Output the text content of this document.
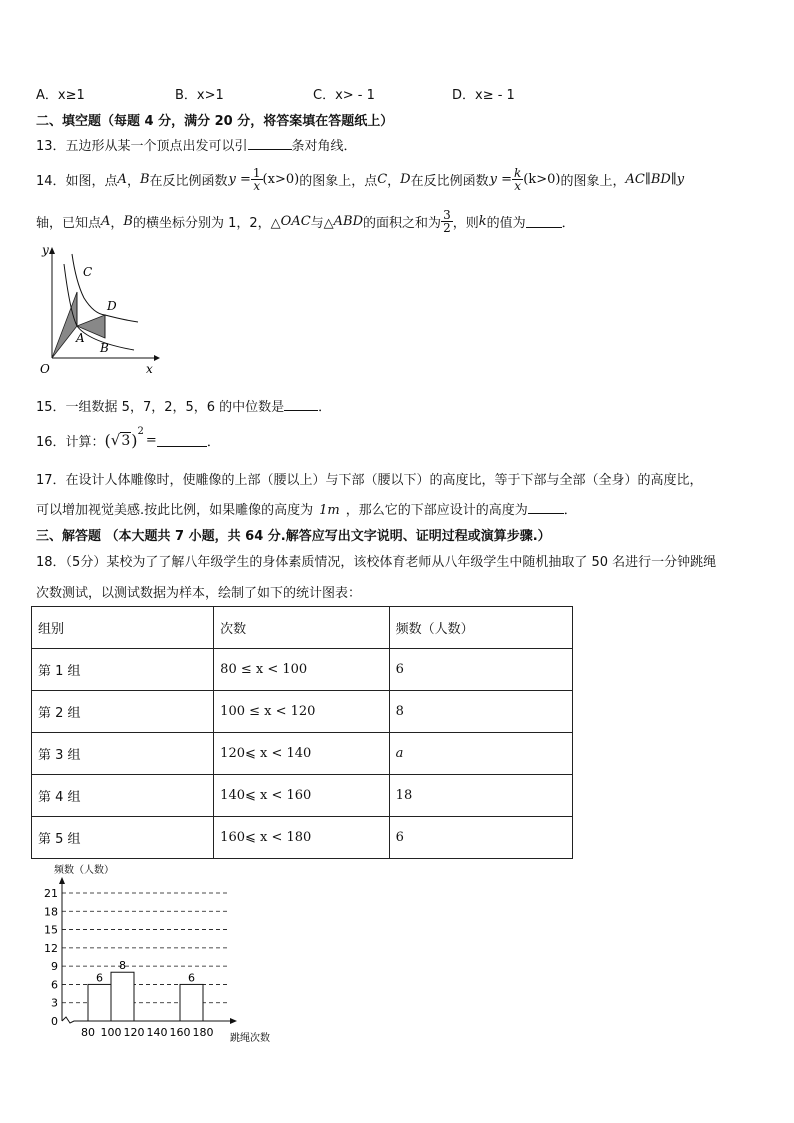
A．x≥1	B．x>1	C．x> - 1	D．x≥ - 1
二、填空题（每题 4 分，满分 20 分，将答案填在答题纸上）
13．五边形从某一个顶点出发可以引	条对角线．
14．如图，点 A ， B 在反比例函数 $y = \frac{1}{x} (x>0)$ 的图象上，点 C ， D 在反比例函数 $y = \frac{k}{x} (k>0)$ 的图象上， AC∥BD∥y
轴，已知点 A ， B 的横坐标分别为 1，2，△ OAC 与△ ABD 的面积之和为 $\frac{3}{2}$ ，则 k 的值为	．
y
x
O
A
B
C
D
15．一组数据 5，7，2，5，6 的中位数是	．
16．计算： ( √ 3 )$^2$
=	．
17．在设计人体雕像时，使雕像的上部（腰以上）与下部（腰以下）的高度比，等于下部与全部（全身）的高度比，
可以增加视觉美感.按此比例，如果雕像的高度为 1m ，那么它的下部应设计的高度为	．
三、解答题 （本大题共 7 小题，共 64 分.解答应写出文字说明、证明过程或演算步骤.）
18．（5分）某校为了了解八年级学生的身体素质情况，该校体育老师从八年级学生中随机抽取了 50 名进行一分钟跳绳
次数测试，以测试数据为样本，绘制了如下的统计图表：
组别	次数	频数（人数）
第 1 组	80 ≤ x < 100	6
第 2 组	100 ≤ x < 120	8
第 3 组	120⩽ x < 140	a
第 4 组	140⩽ x < 160	18
第 5 组	160⩽ x < 180	6
频数（人数）
0
3
6
9
12
15
18
21
6
8
6
80 100 120 140 160 180 跳绳次数
